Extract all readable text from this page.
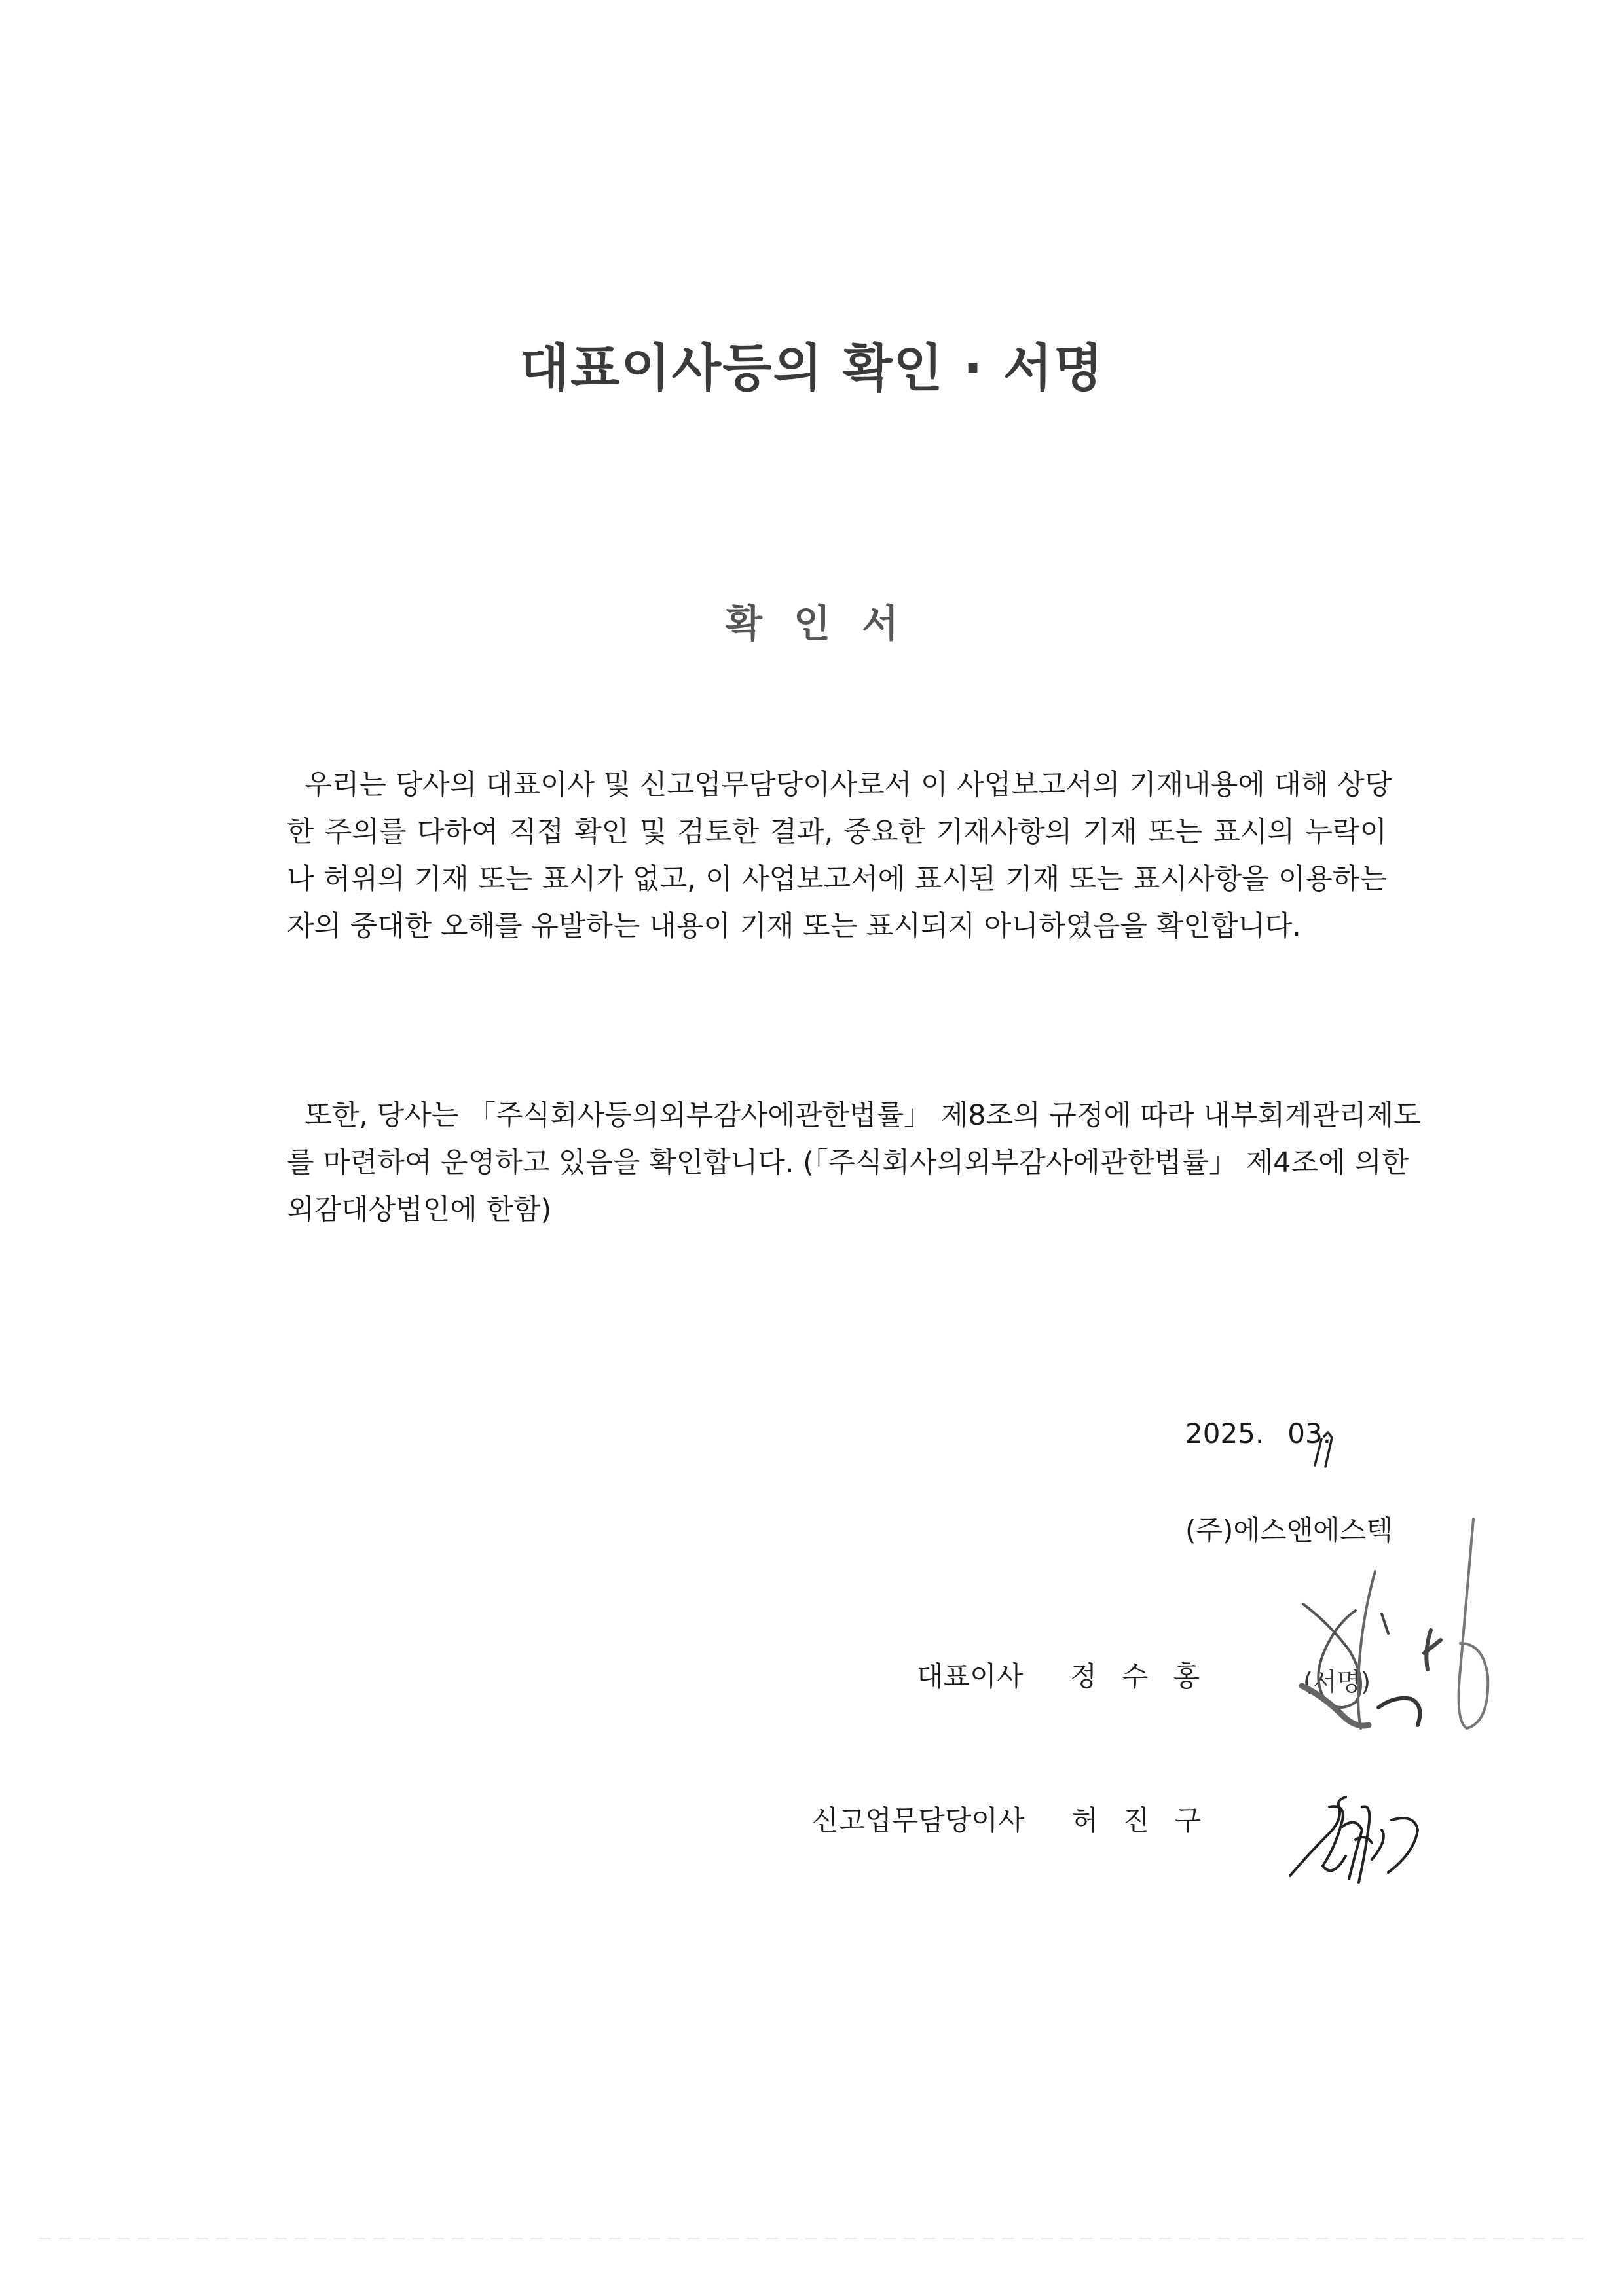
대표이사등의 확인 · 서명
확인서
우리는 당사의 대표이사 및 신고업무담당이사로서 이 사업보고서의 기재내용에 대해 상당
한 주의를 다하여 직접 확인 및 검토한 결과, 중요한 기재사항의 기재 또는 표시의 누락이
나 허위의 기재 또는 표시가 없고, 이 사업보고서에 표시된 기재 또는 표시사항을 이용하는
자의 중대한 오해를 유발하는 내용이 기재 또는 표시되지 아니하였음을 확인합니다.
또한, 당사는 「주식회사등의외부감사에관한법률」 제8조의 규정에 따라 내부회계관리제도
를 마련하여 운영하고 있음을 확인합니다. (「주식회사의외부감사에관한법률」 제4조에 의한
외감대상법인에 한함)
2025. 03.
(주)에스앤에스텍
대표이사 정수홍	(서명)
신고업무담당이사 허진구
